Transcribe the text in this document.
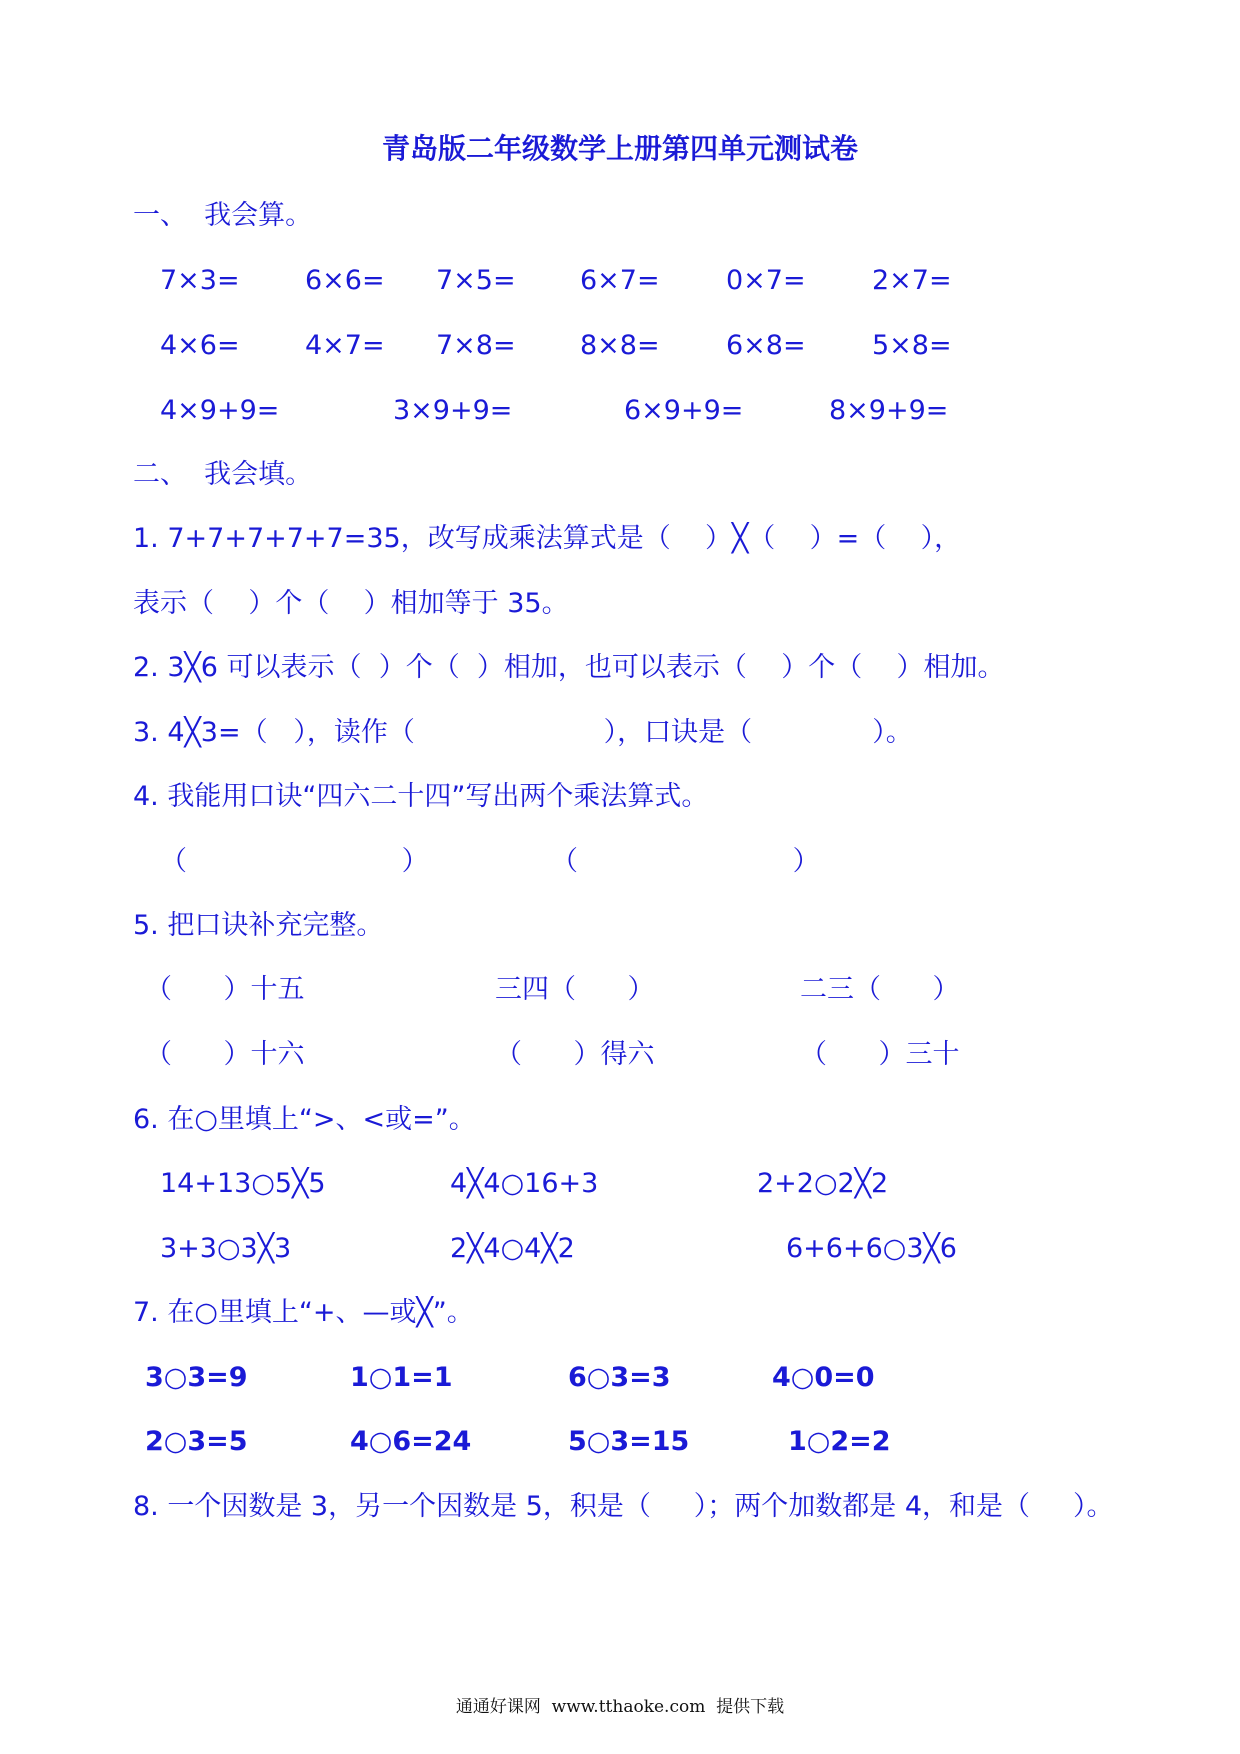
青岛版二年级数学上册第四单元测试卷
一、  我会算。
7×3= 6×6= 7×5= 6×7= 0×7= 2×7=
4×6= 4×7= 7×8= 8×8= 6×8= 5×8=
4×9+9=	3×9+9=	6×9+9=	8×9+9=
二、  我会填。
1. 7+7+7+7+7=35，改写成乘法算式是（    ）╳（    ）=（    ），
表示（    ）个（    ）相加等于 35。
2. 3╳6 可以表示（  ）个（  ）相加，也可以表示（    ）个（    ）相加。
3. 4╳3=（   ），读作（                      ），口诀是（              ）。
4. 我能用口诀“四六二十四”写出两个乘法算式。
（                         ）	（                         ）
5. 把口诀补充完整。
（      ）十五	三四（      ）	二三（      ）
（      ）十六	（      ）得六	（      ）三十
6. 在○里填上“>、<或=”。
14+13○5╳5	4╳4○16+3	2+2○2╳2
3+3○3╳3	2╳4○4╳2	6+6+6○3╳6
7. 在○里填上“+、—或╳”。
3○3=9	1○1=1	6○3=3	4○0=0
2○3=5	4○6=24	5○3=15	1○2=2
8. 一个因数是 3，另一个因数是 5，积是（     ）；两个加数都是 4，和是（     ）。
通通好课网  www.tthaoke.com  提供下载
